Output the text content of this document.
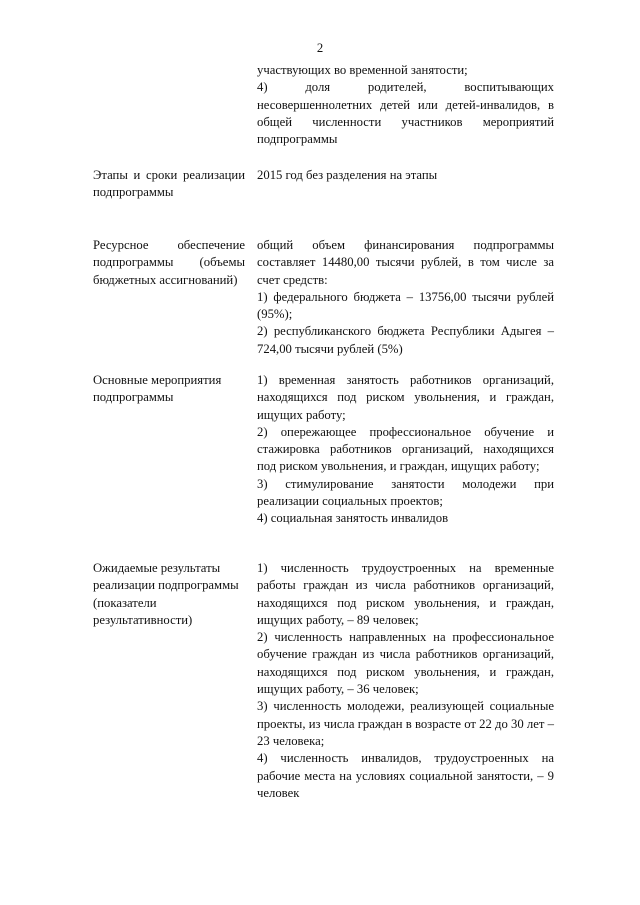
2
участвующих во временной занятости;
4) доля родителей, воспитывающих несовершеннолетних детей или детей-инвалидов, в общей численности участников мероприятий подпрограммы
Этапы и сроки реализации подпрограммы
2015 год без разделения на этапы
Ресурсное обеспечение подпрограммы (объемы бюджетных ассигнований)
общий объем финансирования подпрограммы составляет 14480,00 тысячи рублей, в том числе за счет средств:
1) федерального бюджета – 13756,00 тысячи рублей (95%);
2) республиканского бюджета Республики Адыгея – 724,00 тысячи рублей (5%)
Основные мероприятия подпрограммы
1) временная занятость работников организаций, находящихся под риском увольнения, и граждан, ищущих работу;
2) опережающее профессиональное обучение и стажировка работников организаций, находящихся под риском увольнения, и граждан, ищущих работу;
3) стимулирование занятости молодежи при реализации социальных проектов;
4) социальная занятость инвалидов
Ожидаемые результаты реализации подпрограммы (показатели результативности)
1) численность трудоустроенных на временные работы граждан из числа работников организаций, находящихся под риском увольнения, и граждан, ищущих работу, – 89 человек;
2) численность направленных на профессиональное обучение граждан из числа работников организаций, находящихся под риском увольнения, и граждан, ищущих работу, – 36 человек;
3) численность молодежи, реализующей социальные проекты, из числа граждан в возрасте от 22 до 30 лет – 23 человека;
4) численность инвалидов, трудоустроенных на рабочие места на условиях социальной занятости, – 9 человек
